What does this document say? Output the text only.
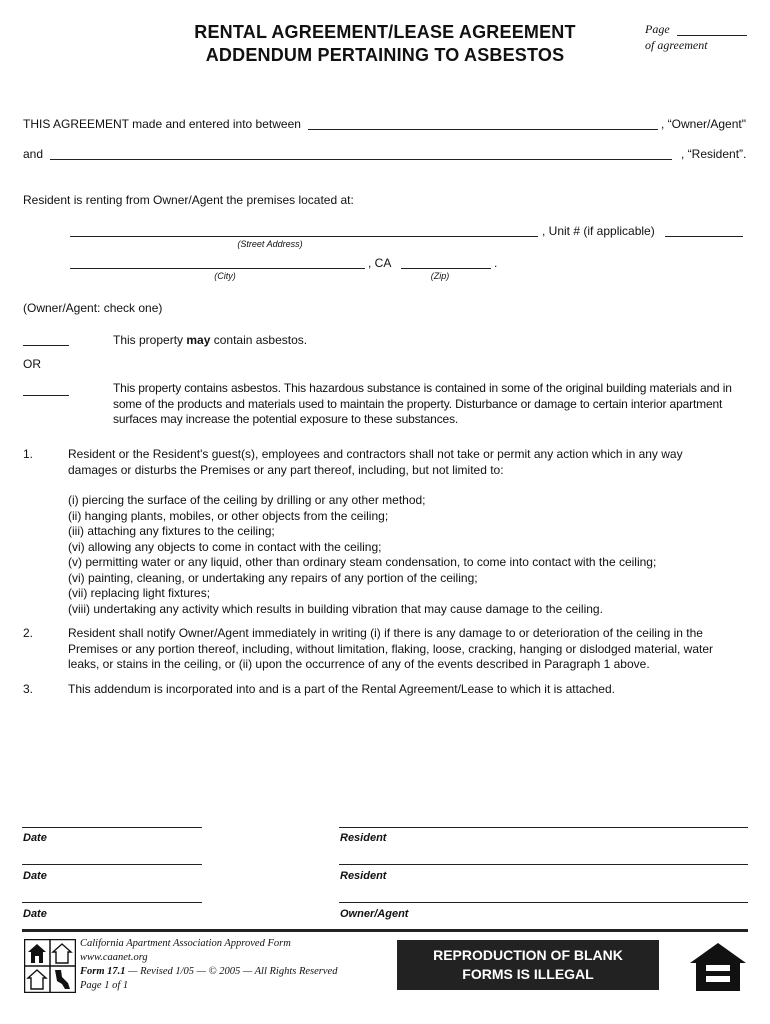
RENTAL AGREEMENT/LEASE AGREEMENT
ADDENDUM PERTAINING TO ASBESTOS
Page
of agreement
THIS AGREEMENT made and entered into between	, “Owner/Agent"
and	, “Resident”.
Resident is renting from Owner/Agent the premises located at:
, Unit # (if applicable)
(Street Address)
, CA	.
(City)	(Zip)
(Owner/Agent: check one)
This property may contain asbestos.
OR
This property contains asbestos. This hazardous substance is contained in some of the original building materials and in some of the products and materials used to maintain the property. Disturbance or damage to certain interior apartment surfaces may increase the potential exposure to these substances.
1.	Resident or the Resident's guest(s), employees and contractors shall not take or permit any action which in any way damages or disturbs the Premises or any part thereof, including, but not limited to:
(i) piercing the surface of the ceiling by drilling or any other method;
(ii) hanging plants, mobiles, or other objects from the ceiling;
(iii) attaching any fixtures to the ceiling;
(vi) allowing any objects to come in contact with the ceiling;
(v) permitting water or any liquid, other than ordinary steam condensation, to come into contact with the ceiling;
(vi) painting, cleaning, or undertaking any repairs of any portion of the ceiling;
(vii) replacing light fixtures;
(viii) undertaking any activity which results in building vibration that may cause damage to the ceiling.
2.	Resident shall notify Owner/Agent immediately in writing (i) if there is any damage to or deterioration of the ceiling in the Premises or any portion thereof, including, without limitation, flaking, loose, cracking, hanging or dislodged material, water leaks, or stains in the ceiling, or (ii) upon the occurrence of any of the events described in Paragraph 1 above.
3.	This addendum is incorporated into and is a part of the Rental Agreement/Lease to which it is attached.
Date	Resident
Date	Resident
Date	Owner/Agent
California Apartment Association Approved Form
www.caanet.org
Form 17.1 — Revised 1/05 — © 2005 — All Rights Reserved
Page 1 of 1
REPRODUCTION OF BLANK
FORMS IS ILLEGAL
